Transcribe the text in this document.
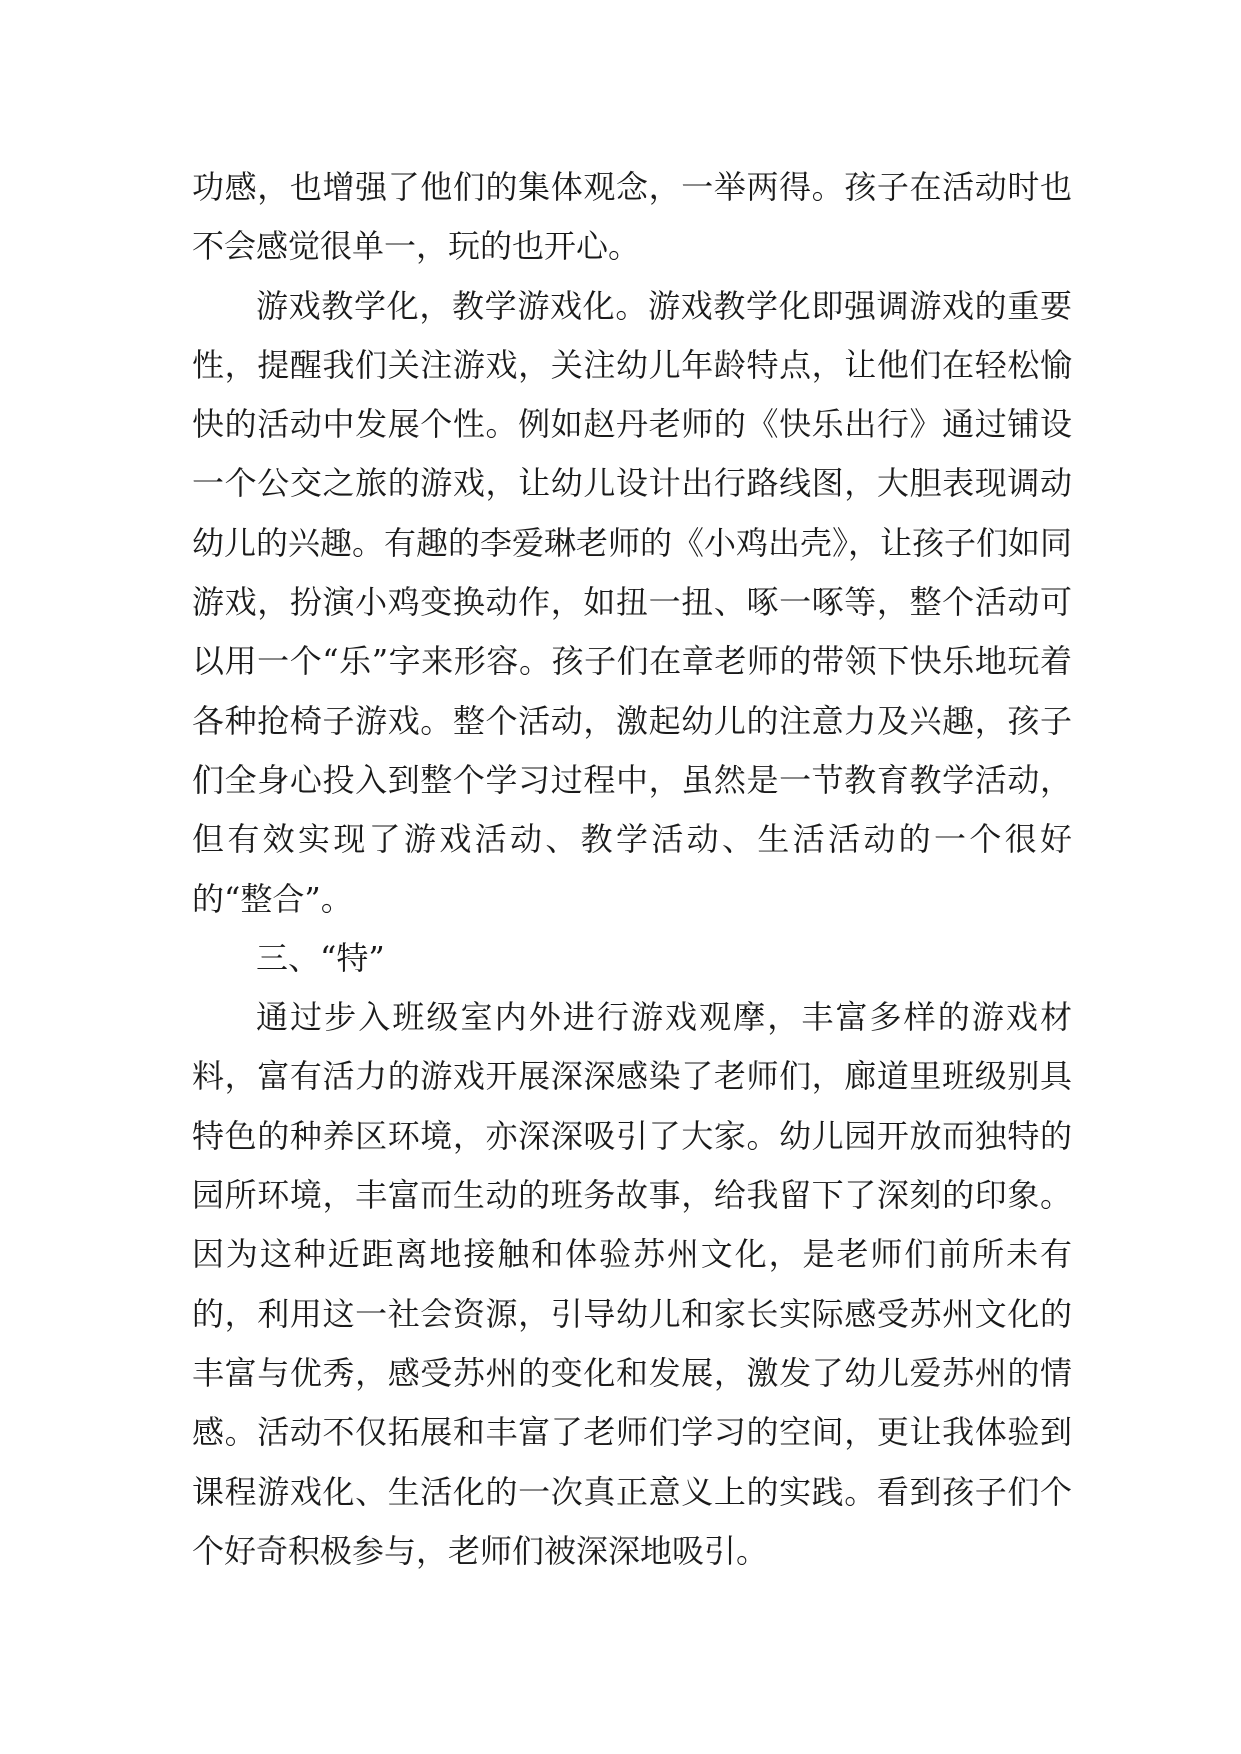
功感，也增强了他们的集体观念，一举两得。孩子在活动时也不会感觉很单一，玩的也开心。

游戏教学化，教学游戏化。游戏教学化即强调游戏的重要性，提醒我们关注游戏，关注幼儿年龄特点，让他们在轻松愉快的活动中发展个性。例如赵丹老师的《快乐出行》通过铺设一个公交之旅的游戏，让幼儿设计出行路线图，大胆表现调动幼儿的兴趣。有趣的李爱琳老师的《小鸡出壳》，让孩子们如同游戏，扮演小鸡变换动作，如扭一扭、啄一啄等，整个活动可以用一个“乐”字来形容。孩子们在章老师的带领下快乐地玩着各种抢椅子游戏。整个活动，激起幼儿的注意力及兴趣，孩子们全身心投入到整个学习过程中，虽然是一节教育教学活动，但有效实现了游戏活动、教学活动、生活活动的一个很好的“整合”。

三、“特”

通过步入班级室内外进行游戏观摩，丰富多样的游戏材料，富有活力的游戏开展深深感染了老师们，廊道里班级别具特色的种养区环境，亦深深吸引了大家。幼儿园开放而独特的园所环境，丰富而生动的班务故事，给我留下了深刻的印象。因为这种近距离地接触和体验苏州文化，是老师们前所未有的，利用这一社会资源，引导幼儿和家长实际感受苏州文化的丰富与优秀，感受苏州的变化和发展，激发了幼儿爱苏州的情感。活动不仅拓展和丰富了老师们学习的空间，更让我体验到课程游戏化、生活化的一次真正意义上的实践。看到孩子们个个好奇积极参与，老师们被深深地吸引。
